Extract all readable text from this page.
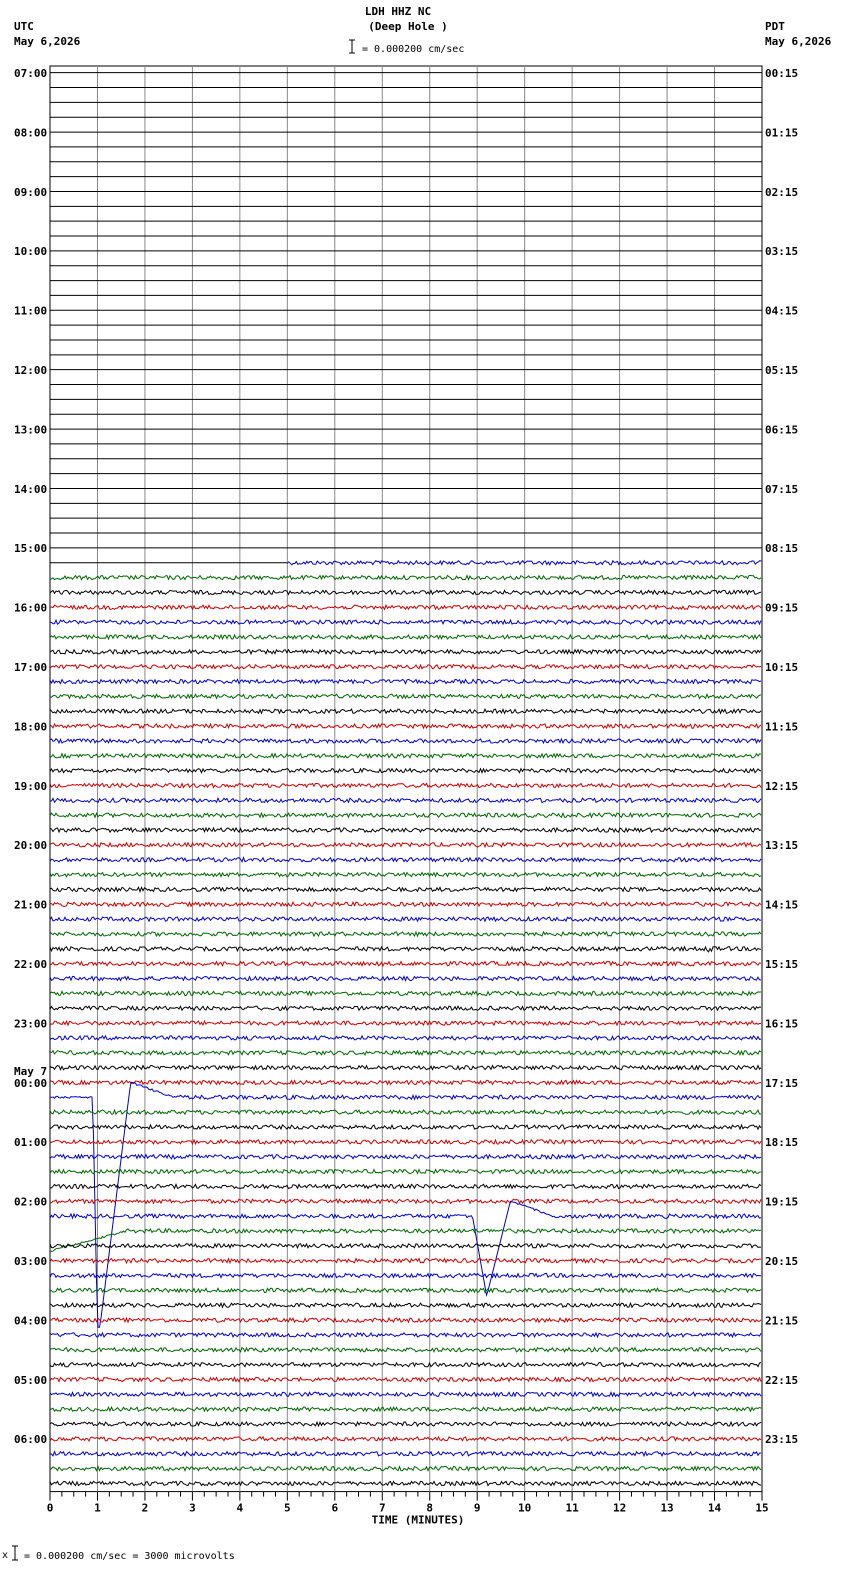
LDH HHZ NC
(Deep Hole )
UTC
May 6,2026
PDT
May 6,2026
= 0.000200 cm/sec
07:00	00:15
08:00	01:15
09:00	02:15
10:00	03:15
11:00	04:15
12:00	05:15
13:00	06:15
14:00	07:15
15:00	08:15
16:00	09:15
17:00	10:15
18:00	11:15
19:00	12:15
20:00	13:15
21:00	14:15
22:00	15:15
23:00	16:15
00:00	17:15
01:00	18:15
02:00	19:15
03:00	20:15
04:00	21:15
05:00	22:15
06:00	23:15
0	1	2	3	4	5	6	7	8	9	10	11	12	13	14	15
May 7
TIME (MINUTES)
x = 0.000200 cm/sec = 3000 microvolts
